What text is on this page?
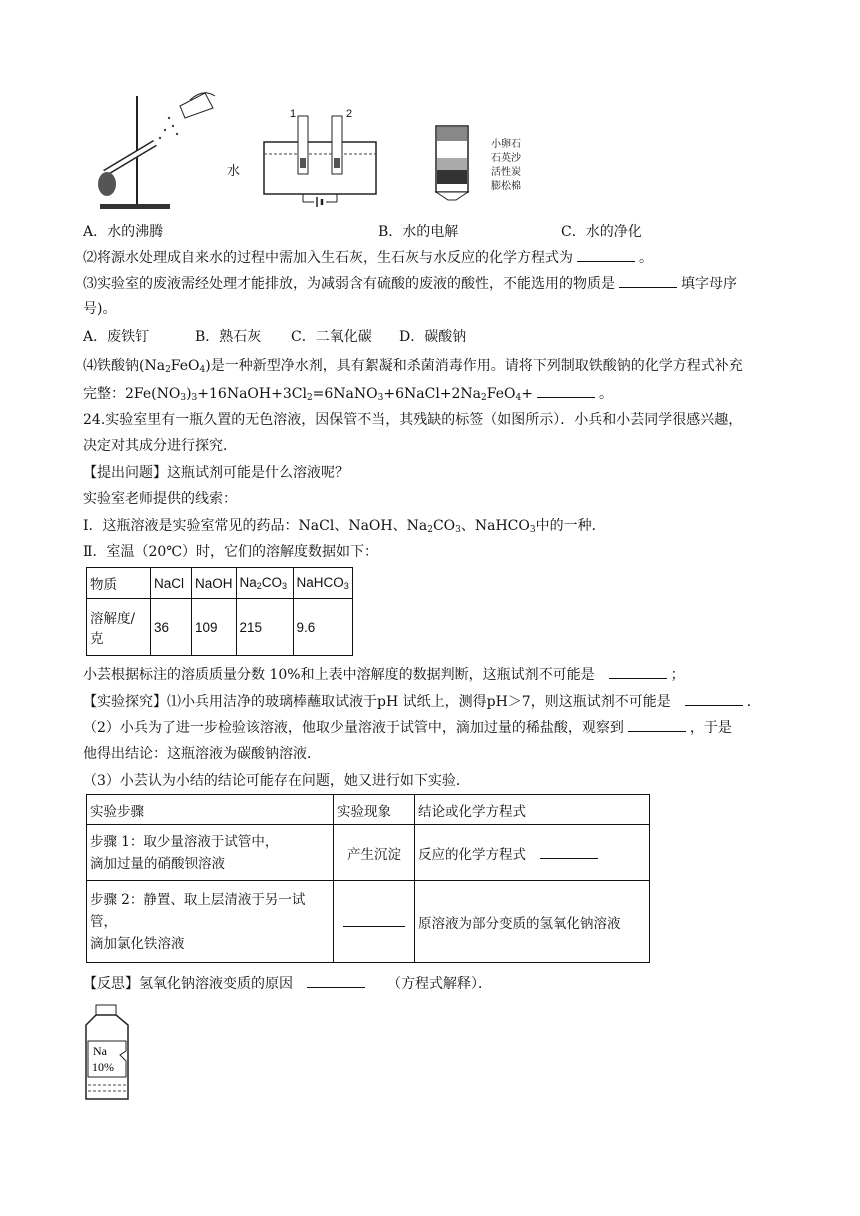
水
1	2
小卵石
石英沙
活性炭
膨松棉
A．水的沸腾	B．水的电解	C．水的净化
⑵将源水处理成自来水的过程中需加入生石灰，生石灰与水反应的化学方程式为	。
⑶实验室的废液需经处理才能排放，为减弱含有硫酸的废液的酸性，不能选用的物质是	填字母序
号)。
A．废铁钉	B．熟石灰 C．二氧化碳 D．碳酸钠
⑷铁酸钠$(Na_2FeO_4)$是一种新型净水剂，具有絮凝和杀菌消毒作用。请将下列制取铁酸钠的化学方程式补充
完整：$2Fe(NO_3)_3+16NaOH+3Cl_2=6NaNO_3+6NaCl+2Na_2FeO_4+$	。
24.实验室里有一瓶久置的无色溶液，因保管不当，其残缺的标签（如图所示）．小兵和小芸同学很感兴趣，
决定对其成分进行探究．
【提出问题】这瓶试剂可能是什么溶液呢？
实验室老师提供的线索：
Ⅰ．这瓶溶液是实验室常见的药品：NaCl、NaOH、$Na_2CO_3$、NaHCO$_3$中的一种．
Ⅱ．室温（20℃）时，它们的溶解度数据如下：
物质	NaCl	NaOH	$Na_2CO_3$	NaHCO$_3$
溶解度/
克	36	109	215	9.6
小芸根据标注的溶质质量分数 10%和上表中溶解度的数据判断，这瓶试剂不可能是	；
【实验探究】⑴小兵用洁净的玻璃棒蘸取试液于pH 试纸上，测得pH＞7，则这瓶试剂不可能是	．
（2）小兵为了进一步检验该溶液，他取少量溶液于试管中，滴加过量的稀盐酸，观察到	，于是
他得出结论：这瓶溶液为碳酸钠溶液．
（3）小芸认为小结的结论可能存在问题，她又进行如下实验．
实验步骤	实验现象	结论或化学方程式
步骤 1：取少量溶液于试管中，
滴加过量的硝酸钡溶液	产生沉淀	反应的化学方程式
步骤 2：静置、取上层清液于另一试
管，
滴加氯化铁溶液		原溶液为部分变质的氢氧化钠溶液
【反思】氢氧化钠溶液变质的原因	（方程式解释）．
Na
10%
